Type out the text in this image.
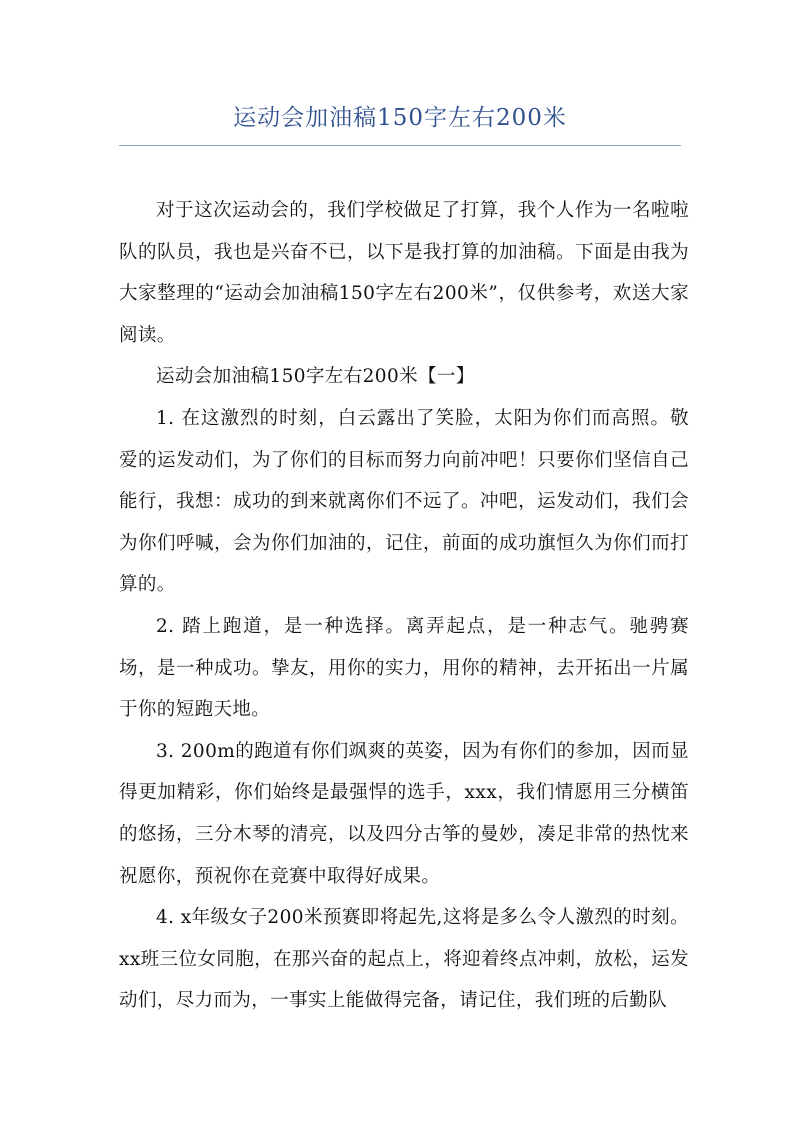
运动会加油稿150字左右200米

对于这次运动会的，我们学校做足了打算，我个人作为一名啦啦队的队员，我也是兴奋不已，以下是我打算的加油稿。下面是由我为大家整理的“运动会加油稿150字左右200米”，仅供参考，欢送大家阅读。

运动会加油稿150字左右200米【一】

1. 在这激烈的时刻，白云露出了笑脸，太阳为你们而高照。敬爱的运发动们，为了你们的目标而努力向前冲吧！只要你们坚信自己能行，我想：成功的到来就离你们不远了。冲吧，运发动们，我们会为你们呼喊，会为你们加油的，记住，前面的成功旗恒久为你们而打算的。

2. 踏上跑道，是一种选择。离弄起点，是一种志气。驰骋赛场，是一种成功。挚友，用你的实力，用你的精神，去开拓出一片属于你的短跑天地。

3. 200m的跑道有你们飒爽的英姿，因为有你们的参加，因而显得更加精彩，你们始终是最强悍的选手，xxx，我们情愿用三分横笛的悠扬，三分木琴的清亮，以及四分古筝的曼妙，凑足非常的热忱来祝愿你，预祝你在竞赛中取得好成果。

4. x年级女子200米预赛即将起先,这将是多么令人激烈的时刻。xx班三位女同胞，在那兴奋的起点上，将迎着终点冲刺，放松，运发动们，尽力而为，一事实上能做得完备，请记住，我们班的后勤队
